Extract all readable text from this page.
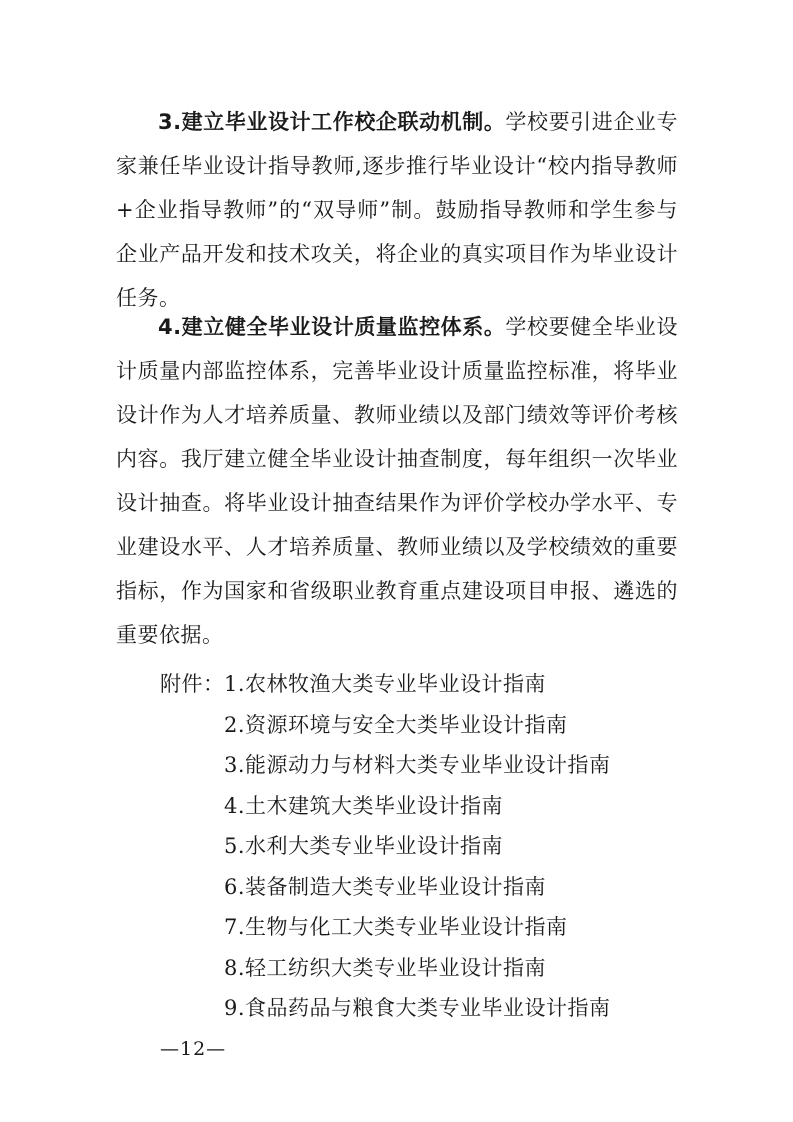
3.建立毕业设计工作校企联动机制。学校要引进企业专家兼任毕业设计指导教师,逐步推行毕业设计“校内指导教师+企业指导教师”的“双导师”制。鼓励指导教师和学生参与企业产品开发和技术攻关，将企业的真实项目作为毕业设计任务。

4.建立健全毕业设计质量监控体系。学校要健全毕业设计质量内部监控体系，完善毕业设计质量监控标准，将毕业设计作为人才培养质量、教师业绩以及部门绩效等评价考核内容。我厅建立健全毕业设计抽查制度，每年组织一次毕业设计抽查。将毕业设计抽查结果作为评价学校办学水平、专业建设水平、人才培养质量、教师业绩以及学校绩效的重要指标，作为国家和省级职业教育重点建设项目申报、遴选的重要依据。

附件： 1.农林牧渔大类专业毕业设计指南
2.资源环境与安全大类毕业设计指南
3.能源动力与材料大类专业毕业设计指南
4.土木建筑大类毕业设计指南
5.水利大类专业毕业设计指南
6.装备制造大类专业毕业设计指南
7.生物与化工大类专业毕业设计指南
8.轻工纺织大类专业毕业设计指南
9.食品药品与粮食大类专业毕业设计指南
—12—
